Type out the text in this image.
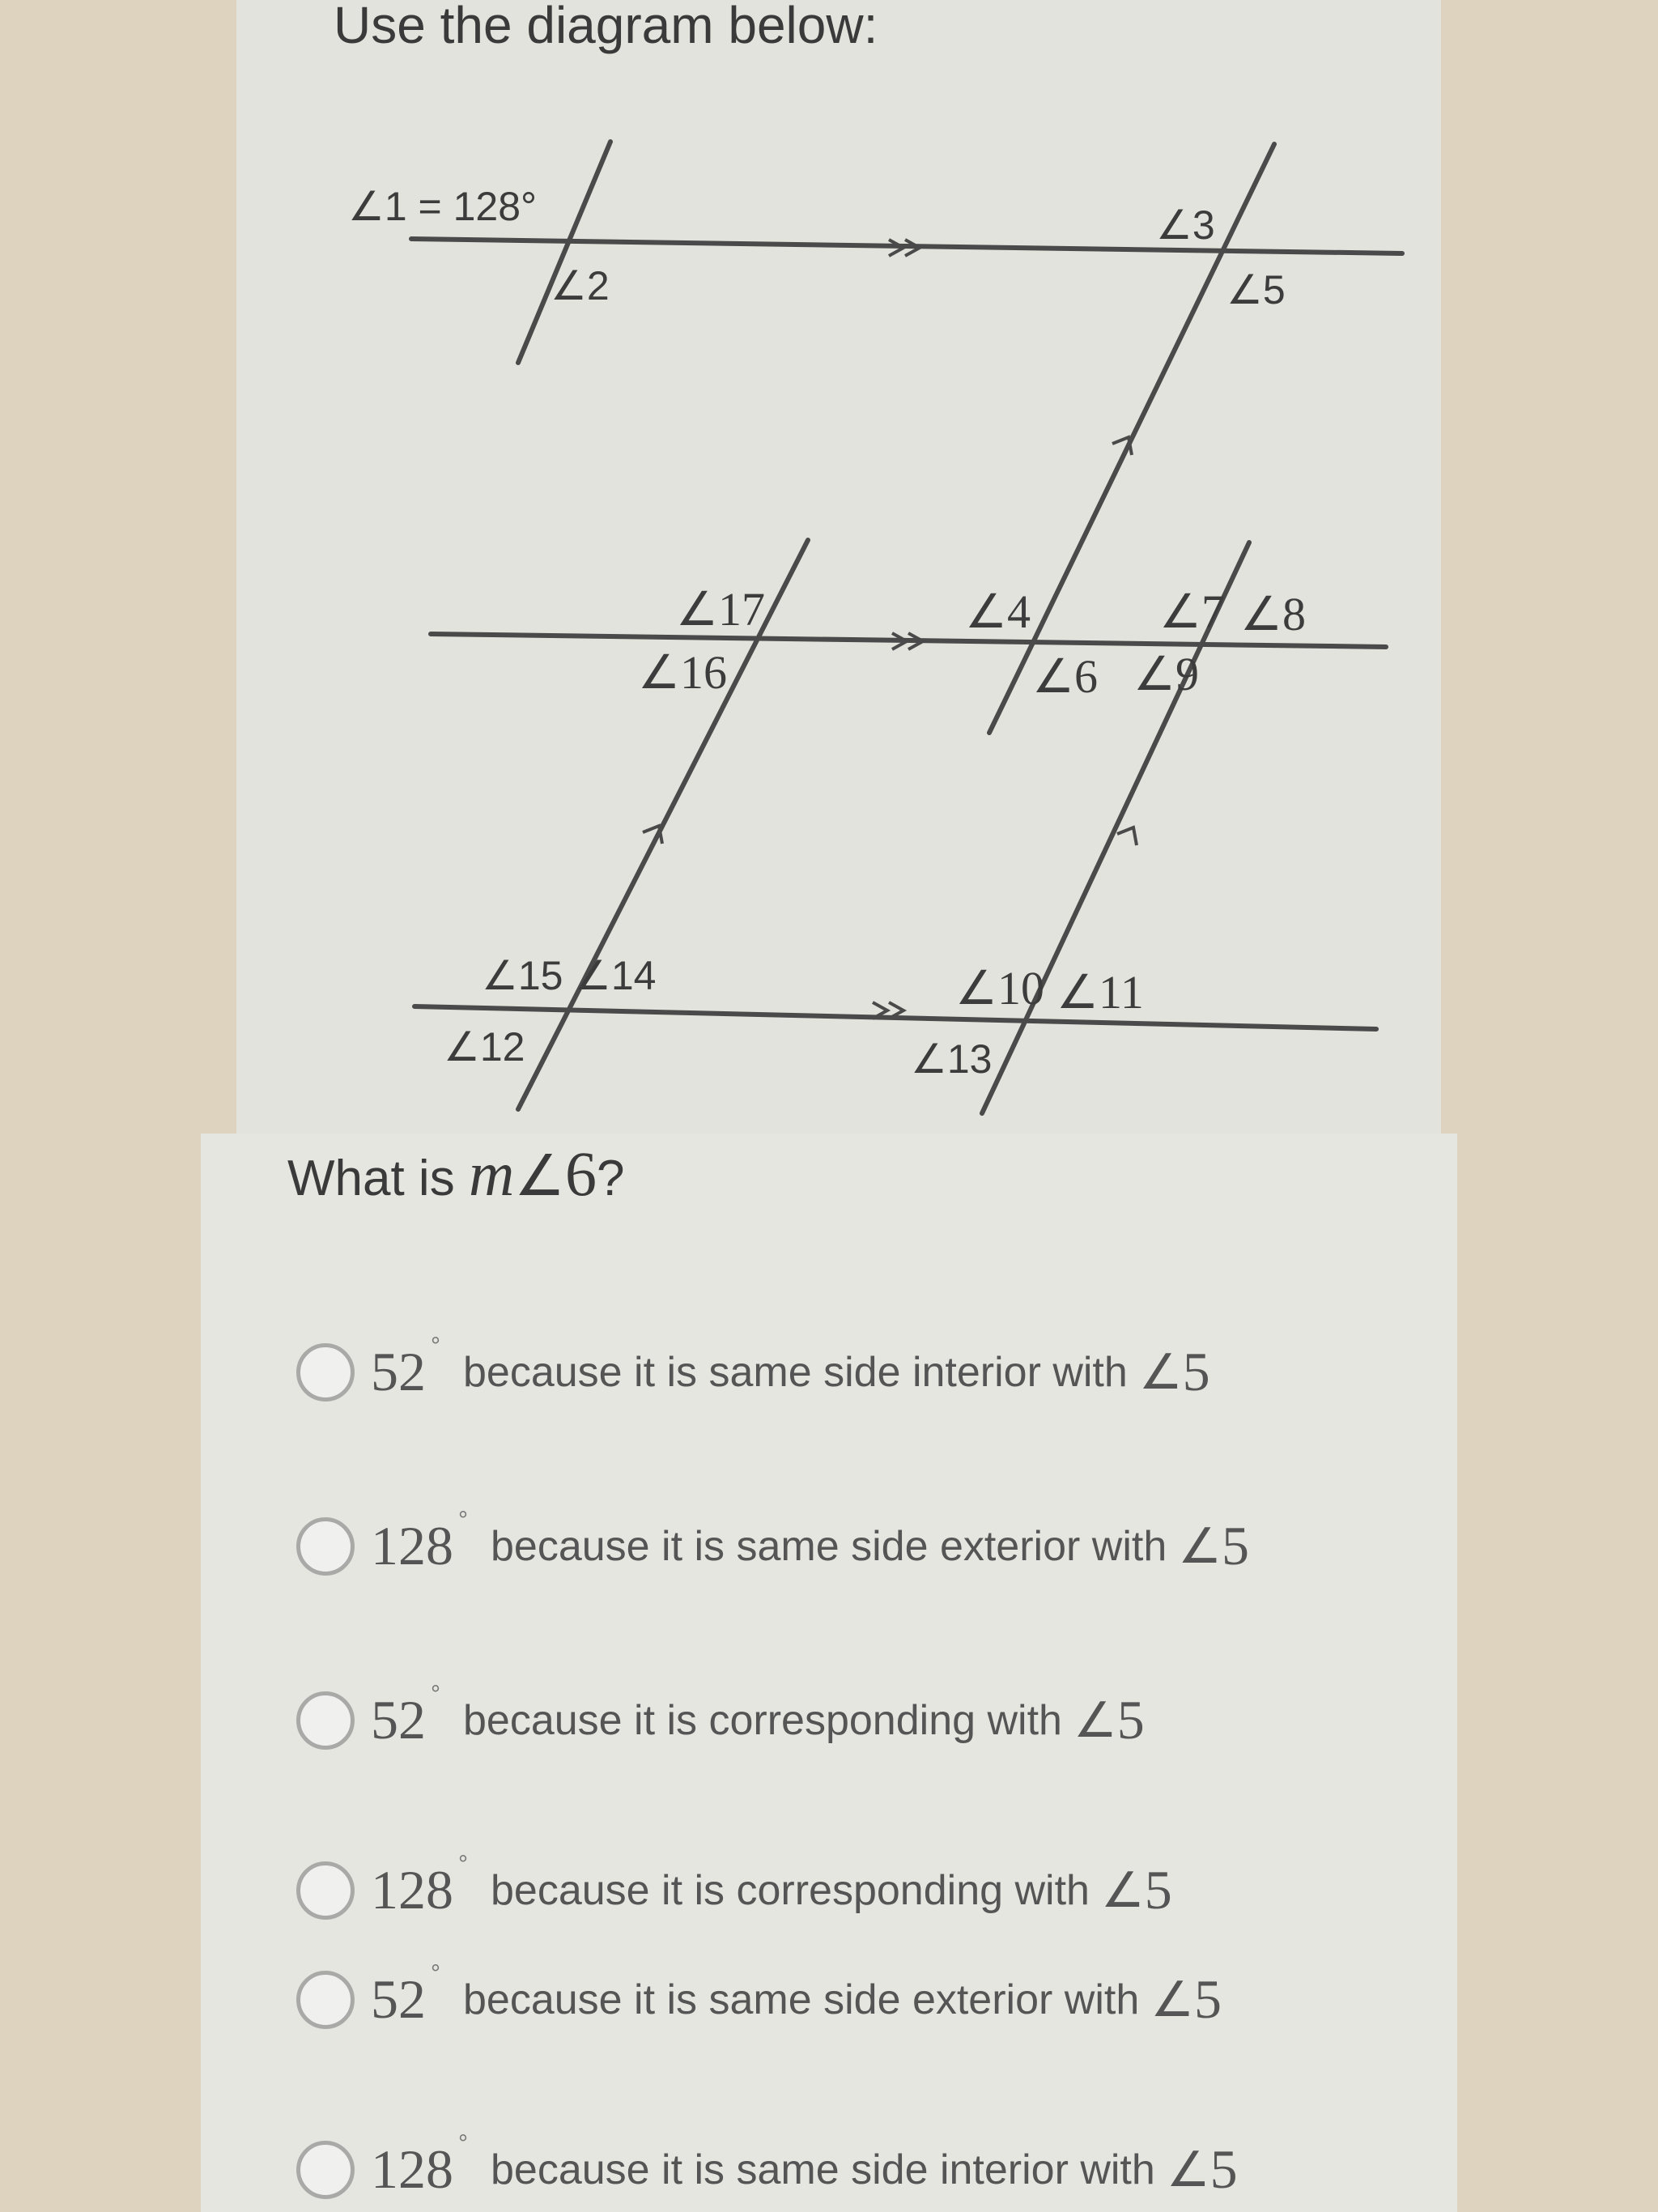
Use the diagram below:
∠1 = 128°
∠2
∠3
∠5
∠17
∠16
∠4
∠6 ∠9
∠7 ∠8
∠15 ∠14
∠12
∠10 ∠11
∠13
What is m∠6?
52 °
because it is same side interior with ∠ 5
128 °
because it is same side exterior with ∠ 5
52 °
because it is corresponding with ∠ 5
128 °
because it is corresponding with ∠ 5
52 °
because it is same side exterior with ∠ 5
128 °
because it is same side interior with ∠ 5
